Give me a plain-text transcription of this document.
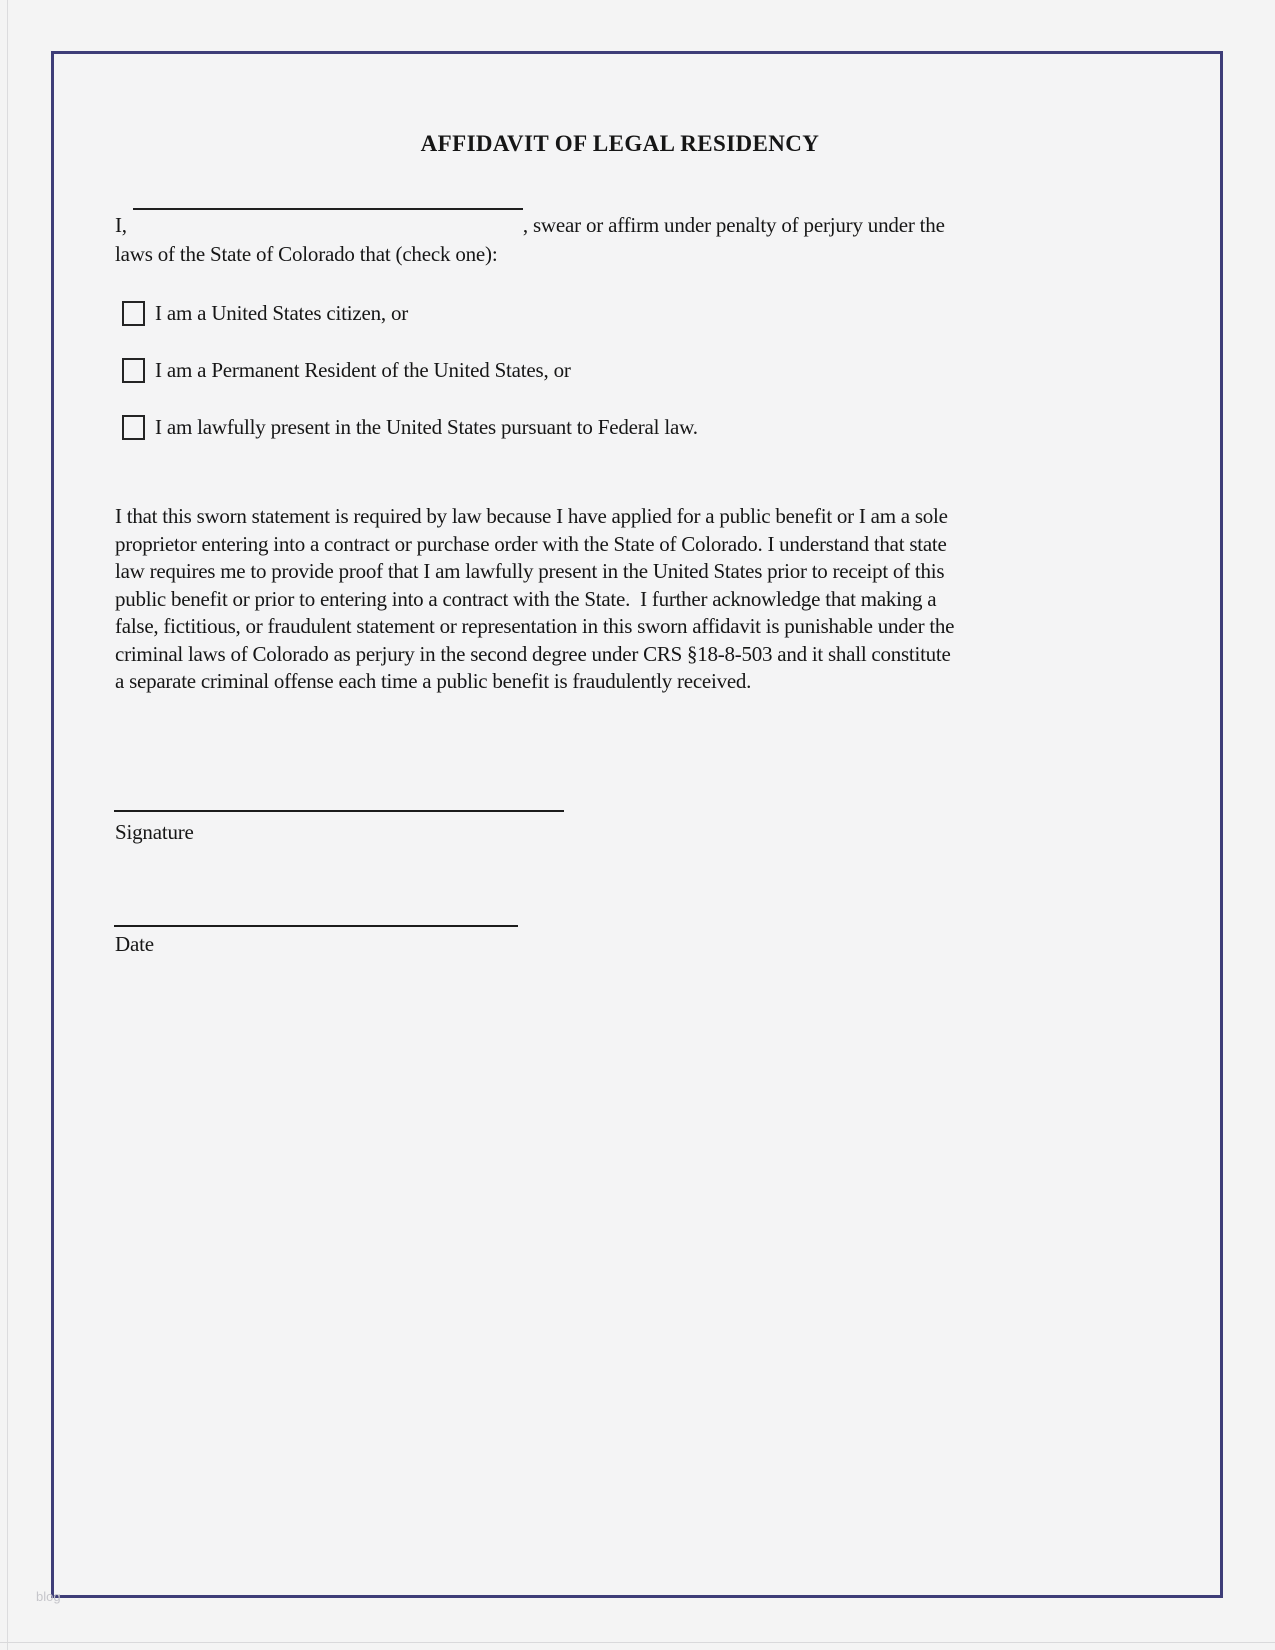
AFFIDAVIT OF LEGAL RESIDENCY
I,	, swear or affirm under penalty of perjury under the
laws of the State of Colorado that (check one):
I am a United States citizen, or
I am a Permanent Resident of the United States, or
I am lawfully present in the United States pursuant to Federal law.
I that this sworn statement is required by law because I have applied for a public benefit or I am a sole
proprietor entering into a contract or purchase order with the State of Colorado. I understand that state
law requires me to provide proof that I am lawfully present in the United States prior to receipt of this
public benefit or prior to entering into a contract with the State.  I further acknowledge that making a
false, fictitious, or fraudulent statement or representation in this sworn affidavit is punishable under the
criminal laws of Colorado as perjury in the second degree under CRS §18-8-503 and it shall constitute
a separate criminal offense each time a public benefit is fraudulently received.
Signature
Date
blog
